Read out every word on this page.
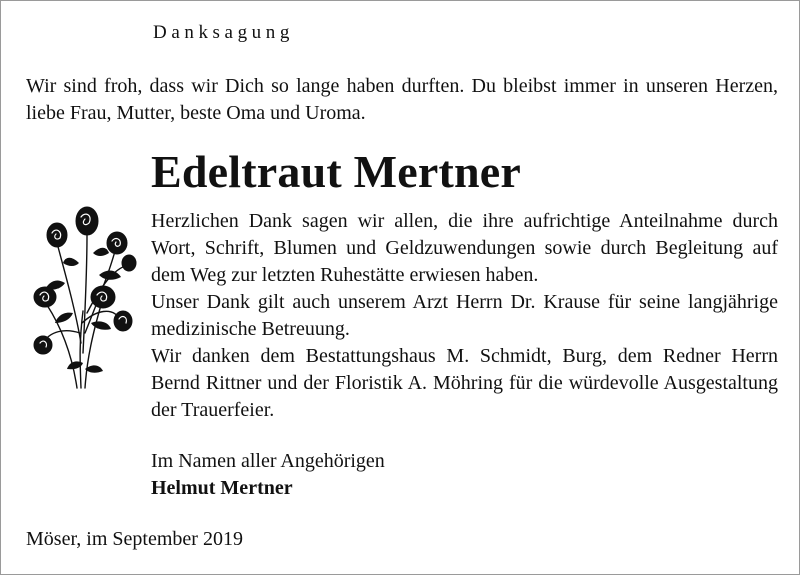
Danksagung
Wir sind froh, dass wir Dich so lange haben durften. Du bleibst immer in unseren Herzen, liebe Frau, Mutter, beste Oma und Uroma.
Edeltraut Mertner

Herzlichen Dank sagen wir allen, die ihre aufrichtige Anteilnahme durch Wort, Schrift, Blumen und Geldzuwendungen sowie durch Begleitung auf dem Weg zur letzten Ruhestätte erwiesen haben.

Unser Dank gilt auch unserem Arzt Herrn Dr. Krause für seine langjährige medizinische Betreuung.

Wir danken dem Bestattungshaus M. Schmidt, Burg, dem Redner Herrn Bernd Rittner und der Floristik A. Möhring für die würdevolle Ausgestaltung der Trauerfeier.

Im Namen aller Angehörigen
Helmut Mertner
Möser, im September 2019
